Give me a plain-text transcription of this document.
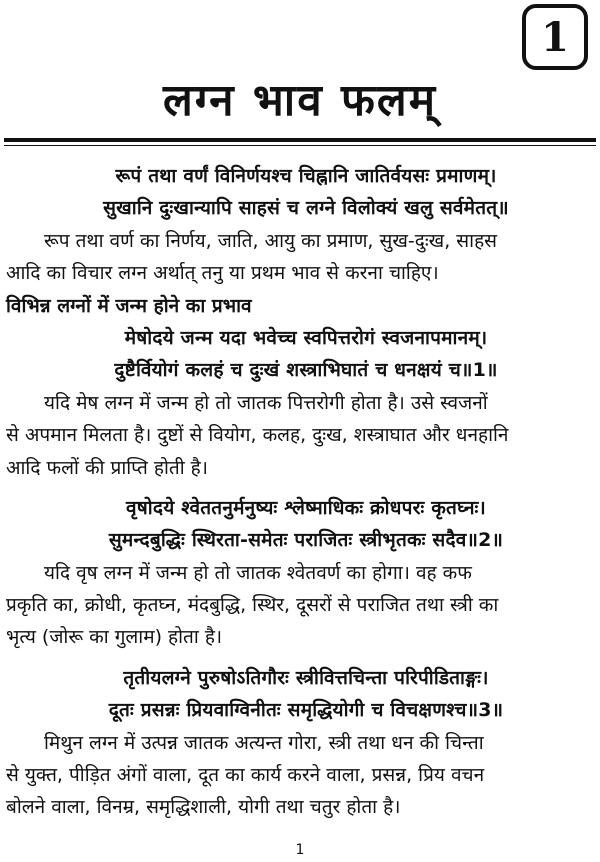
1
लग्न भाव फलम्
रूपं तथा वर्णं विनिर्णयश्च चिह्नानि जातिर्वयसः प्रमाणम्।
सुखानि दुःखान्यापि साहसं च लग्ने विलोक्यं खलु सर्वमेतत्॥
रूप तथा वर्ण का निर्णय, जाति, आयु का प्रमाण, सुख-दुःख, साहस
आदि का विचार लग्न अर्थात् तनु या प्रथम भाव से करना चाहिए।
विभिन्न लग्नों में जन्म होने का प्रभाव
मेषोदये जन्म यदा भवेच्च स्वपित्तरोगं स्वजनापमानम्।
दुष्टैर्वियोगं कलहं च दुःखं शस्त्राभिघातं च धनक्षयं च॥1॥
यदि मेष लग्न में जन्म हो तो जातक पित्तरोगी होता है। उसे स्वजनों
से अपमान मिलता है। दुष्टों से वियोग, कलह, दुःख, शस्त्राघात और धनहानि
आदि फलों की प्राप्ति होती है।
वृषोदये श्वेततनुर्मनुष्यः श्लेष्माधिकः क्रोधपरः कृतघ्नः।
सुमन्दबुद्धिः स्थिरता-समेतः पराजितः स्त्रीभृतकः सदैव॥2॥
यदि वृष लग्न में जन्म हो तो जातक श्वेतवर्ण का होगा। वह कफ
प्रकृति का, क्रोधी, कृतघ्न, मंदबुद्धि, स्थिर, दूसरों से पराजित तथा स्त्री का
भृत्य (जोरू का गुलाम) होता है।
तृतीयलग्ने पुरुषोऽतिगौरः स्त्रीवित्तचिन्ता परिपीडिताङ्गः।
दूतः प्रसन्नः प्रियवाग्विनीतः समृद्धियोगी च विचक्षणश्च॥3॥
मिथुन लग्न में उत्पन्न जातक अत्यन्त गोरा, स्त्री तथा धन की चिन्ता
से युक्त, पीड़ित अंगों वाला, दूत का कार्य करने वाला, प्रसन्न, प्रिय वचन
बोलने वाला, विनम्र, समृद्धिशाली, योगी तथा चतुर होता है।
1
